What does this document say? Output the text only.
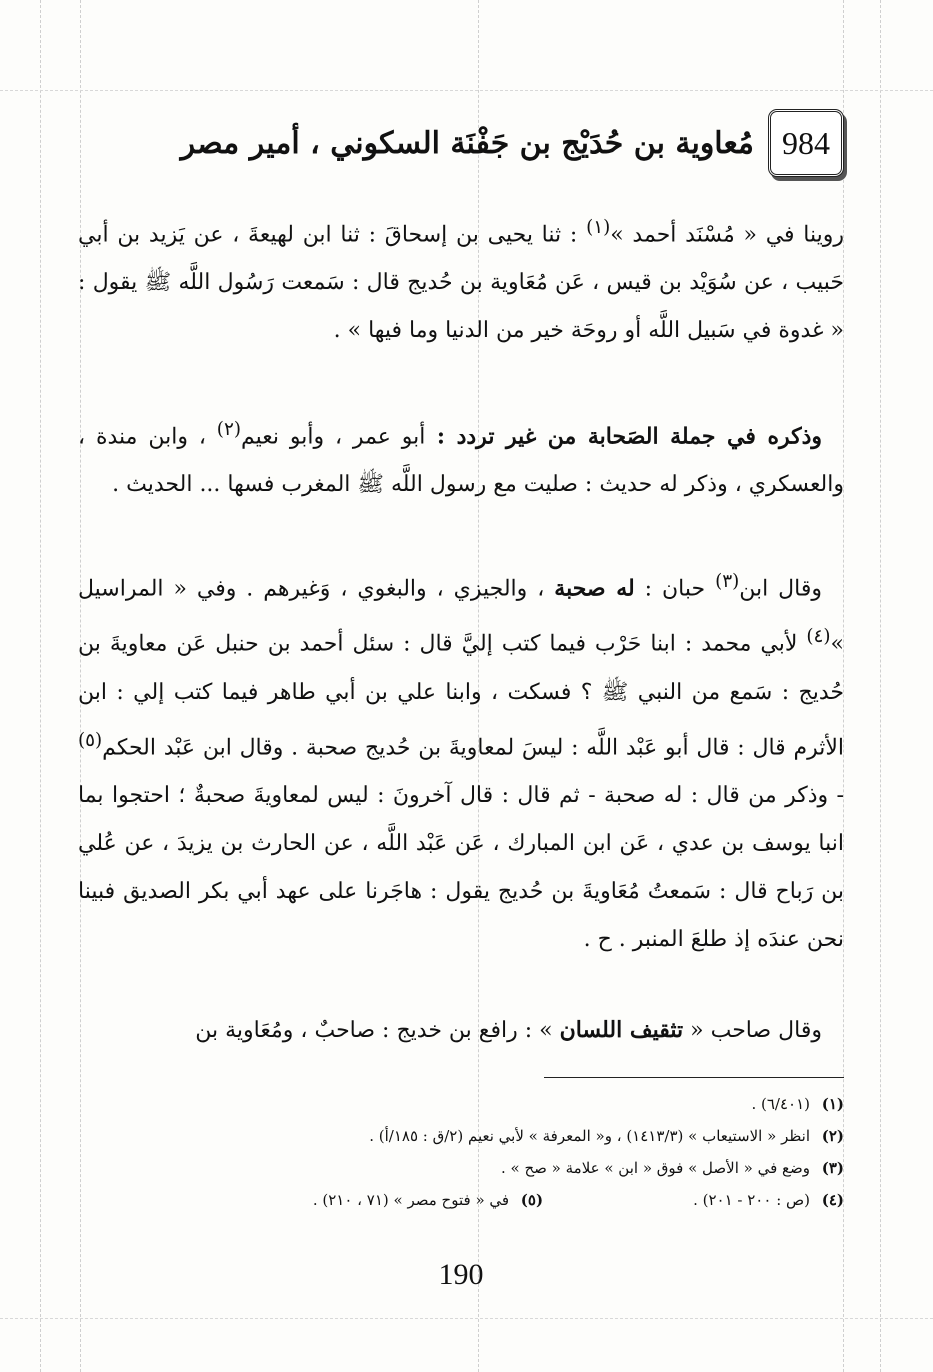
984
مُعاوية بن حُدَيْج بن جَفْنَة السكوني ، أمير مصر

روينا في « مُسْنَد أحمد »$^{(١)}$ : ثنا يحيى بن إسحاقَ : ثنا ابن لهيعةَ ، عن يَزيد بن أبي حَبيب ، عن سُوَيْد بن قيس ، عَن مُعَاوية بن حُديج قال : سَمعت رَسُول اللَّه ﷺ يقول : « غدوة في سَبيل اللَّه أو روحَة خير من الدنيا وما فيها » .

 وذكره في جملة الصَحابة من غير تردد : أبو عمر ، وأبو نعيم$^{(٢)}$ ، وابن مندة ، والعسكري ، وذكر له حديث : صليت مع رسول اللَّه ﷺ المغرب فسها ... الحديث .

 وقال ابن$^{(٣)}$ حبان : له صحبة ، والجيزي ، والبغوي ، وَغيرهم . وفي « المراسيل »$^{(٤)}$ لأبي محمد : ابنا حَرْب فيما كتب إليَّ قال : سئل أحمد بن حنبل عَن معاويةَ بن حُديج : سَمع من النبي ﷺ ؟ فسكت ، وابنا علي بن أبي طاهر فيما كتب إلي : ابن الأثرم قال : قال أبو عَبْد اللَّه : ليسَ لمعاويةَ بن حُديج صحبة . وقال ابن عَبْد الحكم$^{(٥)}$ - وذكر من قال : له صحبة - ثم قال : قال آخرونَ : ليس لمعاويةَ صحبةٌ ؛ احتجوا بما انبا يوسف بن عدي ، عَن ابن المبارك ، عَن عَبْد اللَّه ، عن الحارث بن يزيدَ ، عن عُلي بن رَباح قال : سَمعتُ مُعَاويةَ بن حُديج يقول : هاجَرنا على عهد أبي بكر الصديق فبينا نحن عندَه إذ طلعَ المنبر . ح .

 وقال صاحب « تثقيف اللسان » : رافع بن خديج : صاحبٌ ، ومُعَاوية بن

(١)
(٦/٤٠١) .
(٢)
انظر « الاستيعاب » (١٤١٣/٣) ، و« المعرفة » لأبي نعيم (٢/ق : ١٨٥/أ) .
(٣)
وضع في « الأصل » فوق « ابن » علامة « صح » .
(٤)
(ص : ٢٠٠ - ٢٠١) .
(٥)
في « فتوح مصر » (٧١ ، ٢١٠) .
190
